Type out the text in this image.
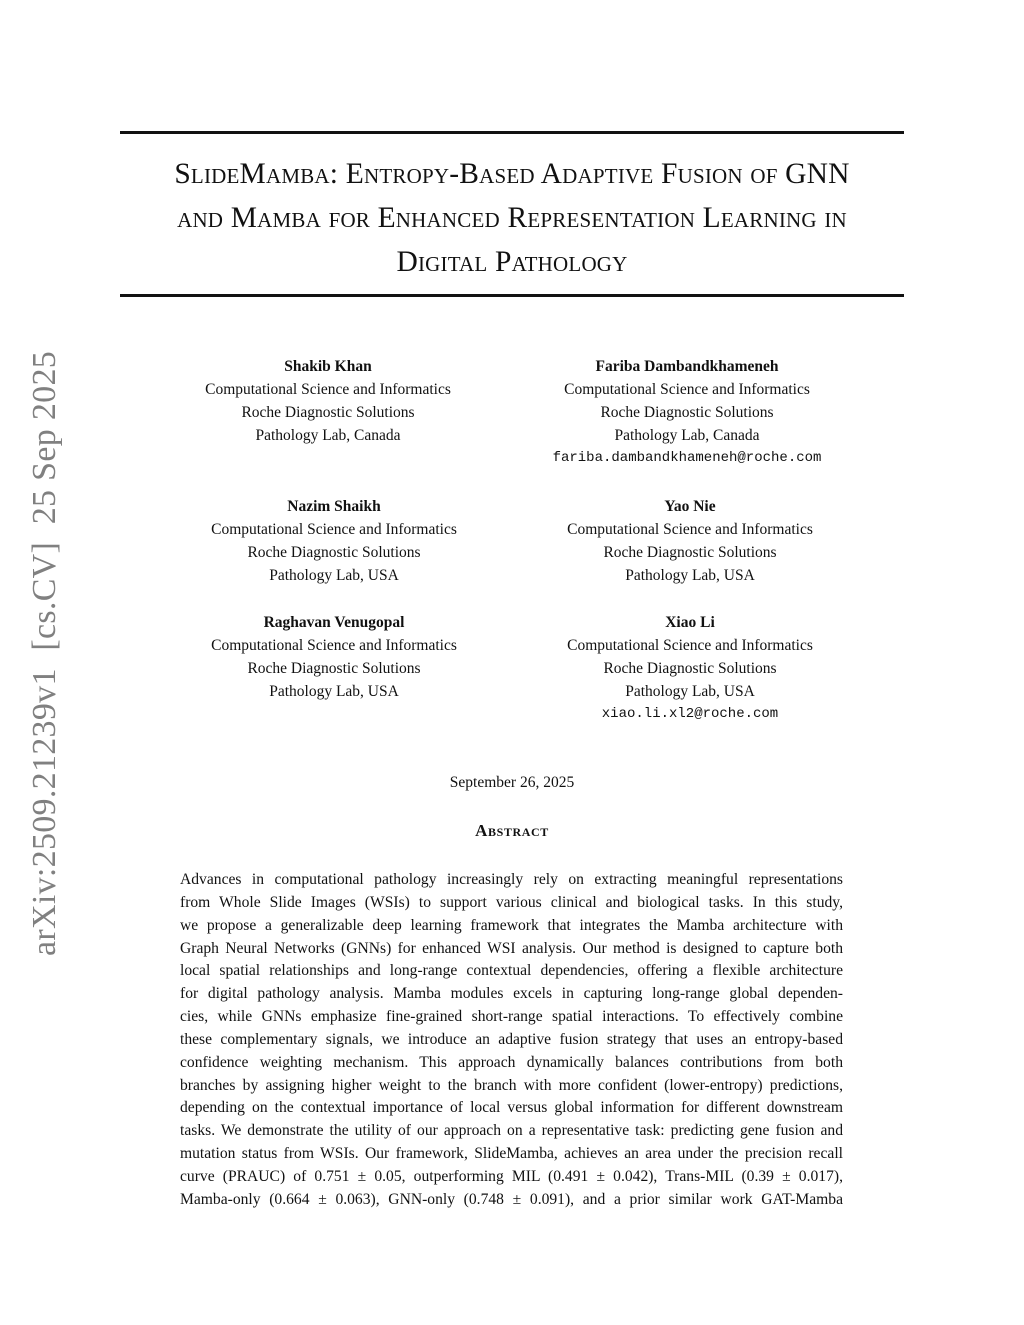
arXiv:2509.21239v1  [cs.CV]  25 Sep 2025
SlideMamba: Entropy-Based Adaptive Fusion of GNN
and Mamba for Enhanced Representation Learning in
Digital Pathology
Shakib Khan
Computational Science and Informatics
Roche Diagnostic Solutions
Pathology Lab, Canada
Fariba Dambandkhameneh
Computational Science and Informatics
Roche Diagnostic Solutions
Pathology Lab, Canada
fariba.dambandkhameneh@roche.com
Nazim Shaikh
Computational Science and Informatics
Roche Diagnostic Solutions
Pathology Lab, USA
Yao Nie
Computational Science and Informatics
Roche Diagnostic Solutions
Pathology Lab, USA
Raghavan Venugopal
Computational Science and Informatics
Roche Diagnostic Solutions
Pathology Lab, USA
Xiao Li
Computational Science and Informatics
Roche Diagnostic Solutions
Pathology Lab, USA
xiao.li.xl2@roche.com
September 26, 2025
Abstract
Advances in computational pathology increasingly rely on extracting meaningful representations
from Whole Slide Images (WSIs) to support various clinical and biological tasks. In this study,
we propose a generalizable deep learning framework that integrates the Mamba architecture with
Graph Neural Networks (GNNs) for enhanced WSI analysis. Our method is designed to capture both
local spatial relationships and long-range contextual dependencies, offering a flexible architecture
for digital pathology analysis. Mamba modules excels in capturing long-range global dependen-
cies, while GNNs emphasize fine-grained short-range spatial interactions. To effectively combine
these complementary signals, we introduce an adaptive fusion strategy that uses an entropy-based
confidence weighting mechanism. This approach dynamically balances contributions from both
branches by assigning higher weight to the branch with more confident (lower-entropy) predictions,
depending on the contextual importance of local versus global information for different downstream
tasks. We demonstrate the utility of our approach on a representative task: predicting gene fusion and
mutation status from WSIs. Our framework, SlideMamba, achieves an area under the precision recall
curve (PRAUC) of 0.751 ± 0.05, outperforming MIL (0.491 ± 0.042), Trans-MIL (0.39 ± 0.017),
Mamba-only (0.664 ± 0.063), GNN-only (0.748 ± 0.091), and a prior similar work GAT-Mamba
